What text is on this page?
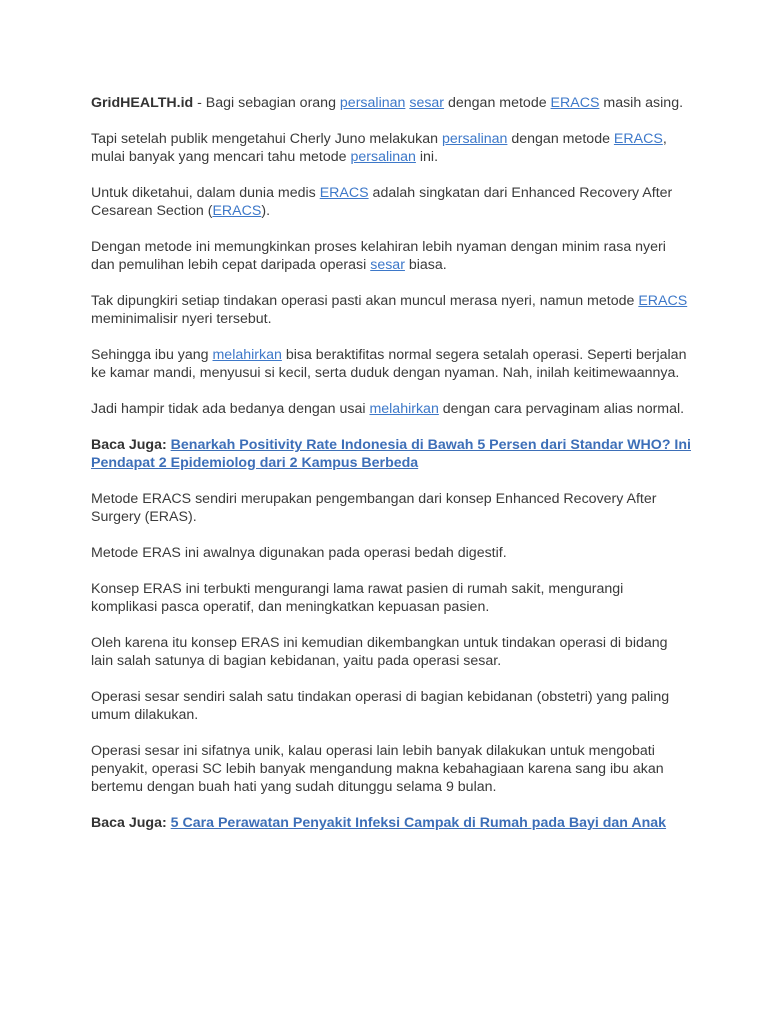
GridHEALTH.id - Bagi sebagian orang persalinan sesar dengan metode ERACS masih asing.

Tapi setelah publik mengetahui Cherly Juno melakukan persalinan dengan metode ERACS, mulai banyak yang mencari tahu metode persalinan ini.

Untuk diketahui, dalam dunia medis ERACS adalah singkatan dari Enhanced Recovery After Cesarean Section (ERACS).

Dengan metode ini memungkinkan proses kelahiran lebih nyaman dengan minim rasa nyeri dan pemulihan lebih cepat daripada operasi sesar biasa.

Tak dipungkiri setiap tindakan operasi pasti akan muncul merasa nyeri, namun metode ERACS meminimalisir nyeri tersebut.

Sehingga ibu yang melahirkan bisa beraktifitas normal segera setalah operasi. Seperti berjalan ke kamar mandi, menyusui si kecil, serta duduk dengan nyaman. Nah, inilah keitimewaannya.

Jadi hampir tidak ada bedanya dengan usai melahirkan dengan cara pervaginam alias normal.

Baca Juga: Benarkah Positivity Rate Indonesia di Bawah 5 Persen dari Standar WHO? Ini Pendapat 2 Epidemiolog dari 2 Kampus Berbeda

Metode ERACS sendiri merupakan pengembangan dari konsep Enhanced Recovery After Surgery (ERAS).

Metode ERAS ini awalnya digunakan pada operasi bedah digestif.

Konsep ERAS ini terbukti mengurangi lama rawat pasien di rumah sakit, mengurangi komplikasi pasca operatif, dan meningkatkan kepuasan pasien.

Oleh karena itu konsep ERAS ini kemudian dikembangkan untuk tindakan operasi di bidang lain salah satunya di bagian kebidanan, yaitu pada operasi sesar.

Operasi sesar sendiri salah satu tindakan operasi di bagian kebidanan (obstetri) yang paling umum dilakukan.

Operasi sesar ini sifatnya unik, kalau operasi lain lebih banyak dilakukan untuk mengobati penyakit, operasi SC lebih banyak mengandung makna kebahagiaan karena sang ibu akan bertemu dengan buah hati yang sudah ditunggu selama 9 bulan.

Baca Juga: 5 Cara Perawatan Penyakit Infeksi Campak di Rumah pada Bayi dan Anak
